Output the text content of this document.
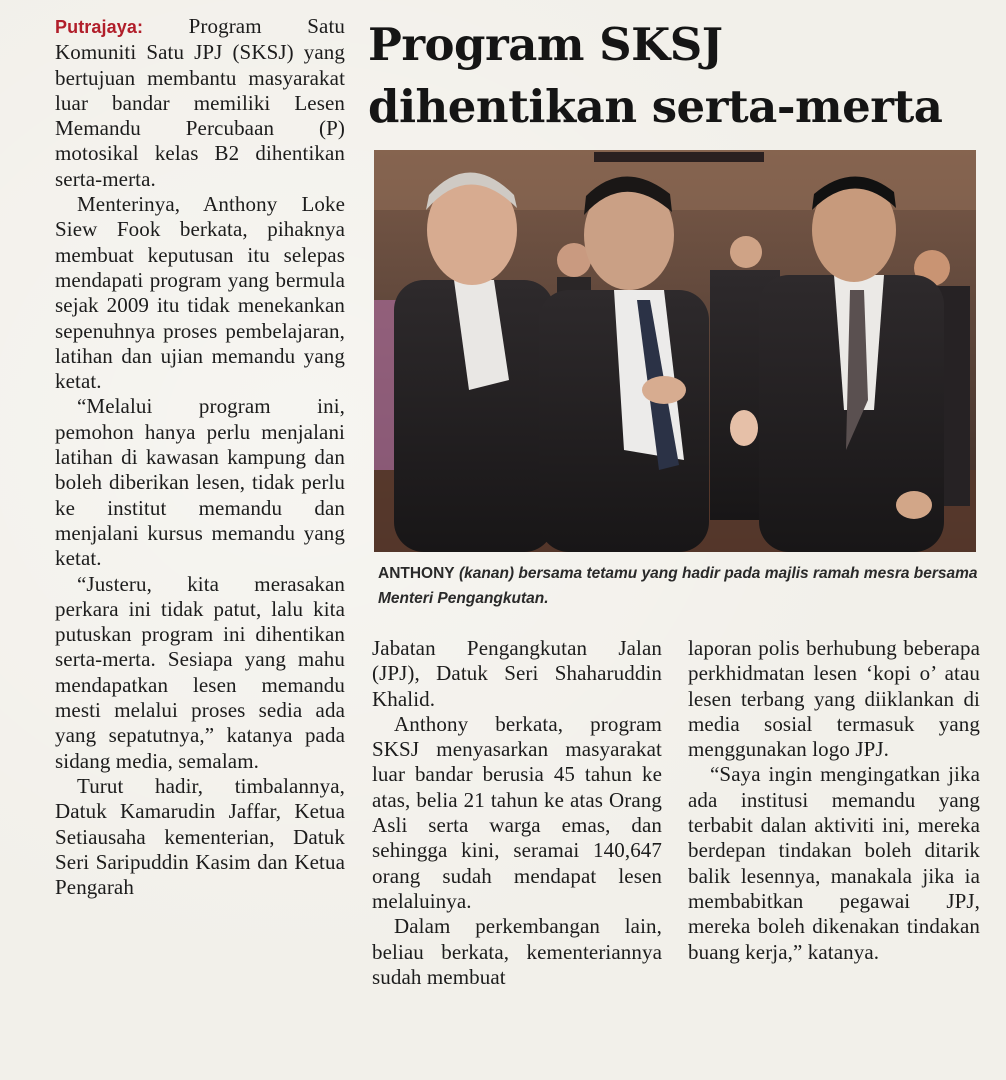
Putrajaya: Program Satu Komuniti Satu JPJ (SKSJ) yang bertujuan membantu masyarakat luar bandar memiliki Lesen Memandu Percubaan (P) motosikal kelas B2 dihentikan serta-merta.

Menterinya, Anthony Loke Siew Fook berkata, pihaknya membuat keputusan itu selepas mendapati program yang bermula sejak 2009 itu tidak menekankan sepenuhnya proses pembelajaran, latihan dan ujian memandu yang ketat.

“Melalui program ini, pemohon hanya perlu menjalani latihan di kawasan kampung dan boleh diberikan lesen, tidak perlu ke institut memandu dan menjalani kursus memandu yang ketat.

“Justeru, kita merasakan perkara ini tidak patut, lalu kita putuskan program ini dihentikan serta-merta. Sesiapa yang mahu mendapatkan lesen memandu mesti melalui proses sedia ada yang sepatutnya,” katanya pada sidang media, semalam.

Turut hadir, timbalannya, Datuk Kamarudin Jaffar, Ketua Setiausaha kementerian, Datuk Seri Saripuddin Kasim dan Ketua Pengarah

Program SKSJ
dihentikan serta-merta
ANTHONY (kanan) bersama tetamu yang hadir pada majlis ramah mesra bersama Menteri Pengangkutan.

Jabatan Pengangkutan Jalan (JPJ), Datuk Seri Shaharuddin Khalid.

Anthony berkata, program SKSJ menyasarkan masyarakat luar bandar berusia 45 tahun ke atas, belia 21 tahun ke atas Orang Asli serta warga emas, dan sehingga kini, seramai 140,647 orang sudah mendapat lesen melaluinya.

Dalam perkembangan lain, beliau berkata, kementeriannya sudah membuat

laporan polis berhubung beberapa perkhidmatan lesen ‘kopi o’ atau lesen terbang yang diiklankan di media sosial termasuk yang menggunakan logo JPJ.

“Saya ingin mengingatkan jika ada institusi memandu yang terbabit dalan aktiviti ini, mereka berdepan tindakan boleh ditarik balik lesennya, manakala jika ia membabitkan pegawai JPJ, mereka boleh dikenakan tindakan buang kerja,” katanya.
